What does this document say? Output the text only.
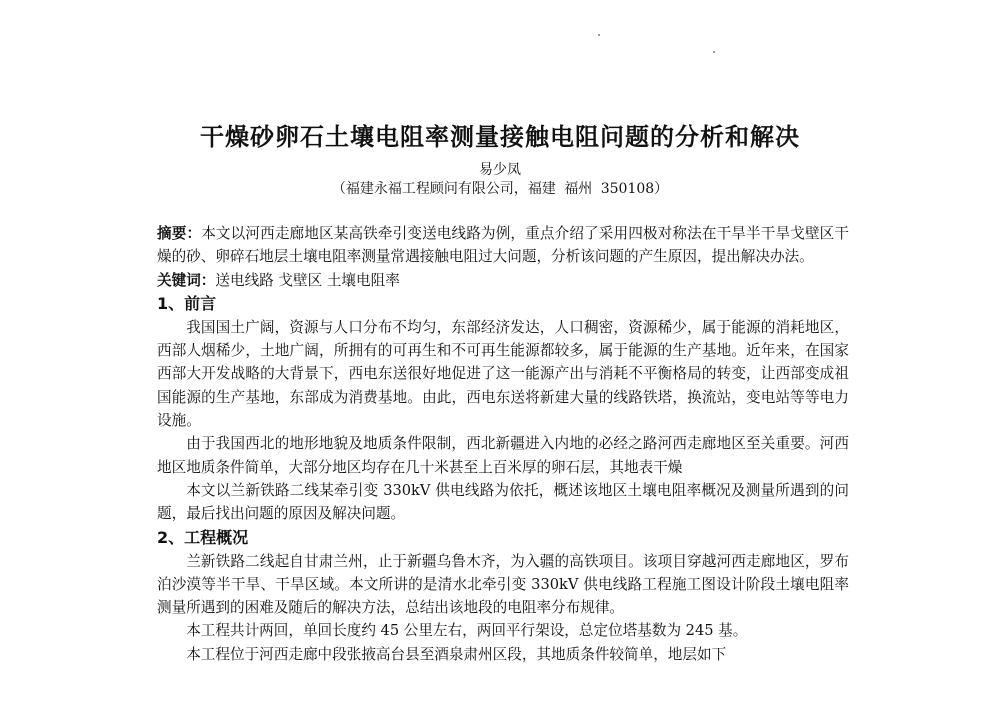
干燥砂卵石土壤电阻率测量接触电阻问题的分析和解决
易少凤
（福建永福工程顾问有限公司，福建 福州 350108）

摘要：本文以河西走廊地区某高铁牵引变送电线路为例，重点介绍了采用四极对称法在干旱半干旱戈壁区干燥的砂、卵碎石地层土壤电阻率测量常遇接触电阻过大问题，分析该问题的产生原因，提出解决办法。

关键词：送电线路 戈壁区 土壤电阻率

1、前言

我国国土广阔，资源与人口分布不均匀，东部经济发达，人口稠密，资源稀少，属于能源的消耗地区，西部人烟稀少，土地广阔，所拥有的可再生和不可再生能源都较多，属于能源的生产基地。近年来，在国家西部大开发战略的大背景下，西电东送很好地促进了这一能源产出与消耗不平衡格局的转变，让西部变成祖国能源的生产基地，东部成为消费基地。由此，西电东送将新建大量的线路铁塔，换流站，变电站等等电力设施。

由于我国西北的地形地貌及地质条件限制，西北新疆进入内地的必经之路河西走廊地区至关重要。河西地区地质条件简单，大部分地区均存在几十米甚至上百米厚的卵石层，其地表干燥

本文以兰新铁路二线某牵引变 330kV 供电线路为依托，概述该地区土壤电阻率概况及测量所遇到的问题，最后找出问题的原因及解决问题。

2、工程概况

兰新铁路二线起自甘肃兰州，止于新疆乌鲁木齐，为入疆的高铁项目。该项目穿越河西走廊地区，罗布泊沙漠等半干旱、干旱区域。本文所讲的是清水北牵引变 330kV 供电线路工程施工图设计阶段土壤电阻率测量所遇到的困难及随后的解决方法，总结出该地段的电阻率分布规律。

本工程共计两回，单回长度约 45 公里左右，两回平行架设，总定位塔基数为 245 基。

本工程位于河西走廊中段张掖高台县至酒泉肃州区段，其地质条件较简单，地层如下
